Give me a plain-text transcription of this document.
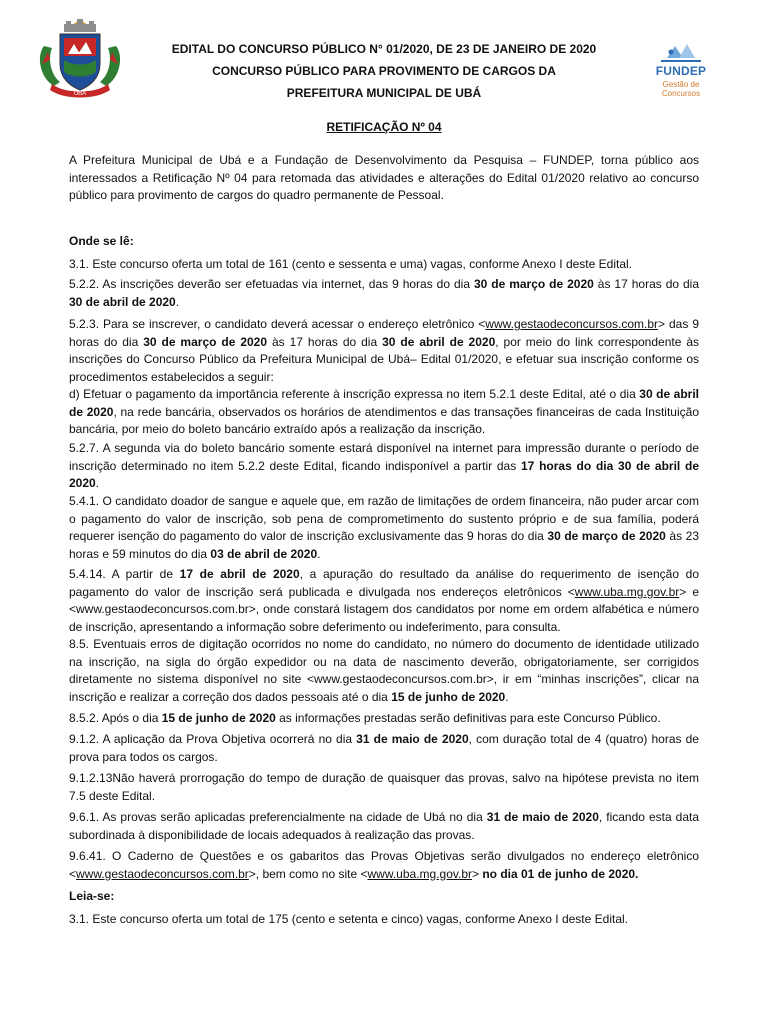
UBÁ
FUNDEP
Gestão de Concursos
EDITAL DO CONCURSO PÚBLICO N° 01/2020, DE 23 DE JANEIRO DE 2020
CONCURSO PÚBLICO PARA PROVIMENTO DE CARGOS DA
PREFEITURA MUNICIPAL DE UBÁ
RETIFICAÇÃO Nº 04

A Prefeitura Municipal de Ubá e a Fundação de Desenvolvimento da Pesquisa – FUNDEP, torna público aos interessados a Retificação Nº 04 para retomada das atividades e alterações do Edital 01/2020 relativo ao concurso público para provimento de cargos do quadro permanente de Pessoal.

Onde se lê:

3.1. Este concurso oferta um total de 161 (cento e sessenta e uma) vagas, conforme Anexo I deste Edital.

5.2.2. As inscrições deverão ser efetuadas via internet, das 9 horas do dia 30 de março de 2020 às 17 horas do dia 30 de abril de 2020.

5.2.3. Para se inscrever, o candidato deverá acessar o endereço eletrônico <www.gestaodeconcursos.com.br> das 9 horas do dia 30 de março de 2020 às 17 horas do dia 30 de abril de 2020, por meio do link correspondente às inscrições do Concurso Público da Prefeitura Municipal de Ubá– Edital 01/2020, e efetuar sua inscrição conforme os procedimentos estabelecidos a seguir:

d) Efetuar o pagamento da importância referente à inscrição expressa no item 5.2.1 deste Edital, até o dia 30 de abril de 2020, na rede bancária, observados os horários de atendimentos e das transações financeiras de cada Instituição bancária, por meio do boleto bancário extraído após a realização da inscrição.

5.2.7. A segunda via do boleto bancário somente estará disponível na internet para impressão durante o período de inscrição determinado no item 5.2.2 deste Edital, ficando indisponível a partir das 17 horas do dia 30 de abril de 2020.

5.4.1. O candidato doador de sangue e aquele que, em razão de limitações de ordem financeira, não puder arcar com o pagamento do valor de inscrição, sob pena de comprometimento do sustento próprio e de sua família, poderá requerer isenção do pagamento do valor de inscrição exclusivamente das 9 horas do dia 30 de março de 2020 às 23 horas e 59 minutos do dia 03 de abril de 2020.

5.4.14. A partir de 17 de abril de 2020, a apuração do resultado da análise do requerimento de isenção do pagamento do valor de inscrição será publicada e divulgada nos endereços eletrônicos <www.uba.mg.gov.br> e <www.gestaodeconcursos.com.br>, onde constará listagem dos candidatos por nome em ordem alfabética e número de inscrição, apresentando a informação sobre deferimento ou indeferimento, para consulta.

8.5. Eventuais erros de digitação ocorridos no nome do candidato, no número do documento de identidade utilizado na inscrição, na sigla do órgão expedidor ou na data de nascimento deverão, obrigatoriamente, ser corrigidos diretamente no sistema disponível no site <www.gestaodeconcursos.com.br>, ir em “minhas inscrições”, clicar na inscrição e realizar a correção dos dados pessoais até o dia 15 de junho de 2020.

8.5.2. Após o dia 15 de junho de 2020 as informações prestadas serão definitivas para este Concurso Público.

9.1.2. A aplicação da Prova Objetiva ocorrerá no dia 31 de maio de 2020, com duração total de 4 (quatro) horas de prova para todos os cargos.

9.1.2.13Não haverá prorrogação do tempo de duração de quaisquer das provas, salvo na hipótese prevista no item 7.5 deste Edital.

9.6.1. As provas serão aplicadas preferencialmente na cidade de Ubá no dia 31 de maio de 2020, ficando esta data subordinada à disponibilidade de locais adequados à realização das provas.

9.6.41. O Caderno de Questões e os gabaritos das Provas Objetivas serão divulgados no endereço eletrônico <www.gestaodeconcursos.com.br>, bem como no site <www.uba.mg.gov.br> no dia 01 de junho de 2020.

Leia-se:

3.1. Este concurso oferta um total de 175 (cento e setenta e cinco) vagas, conforme Anexo I deste Edital.
